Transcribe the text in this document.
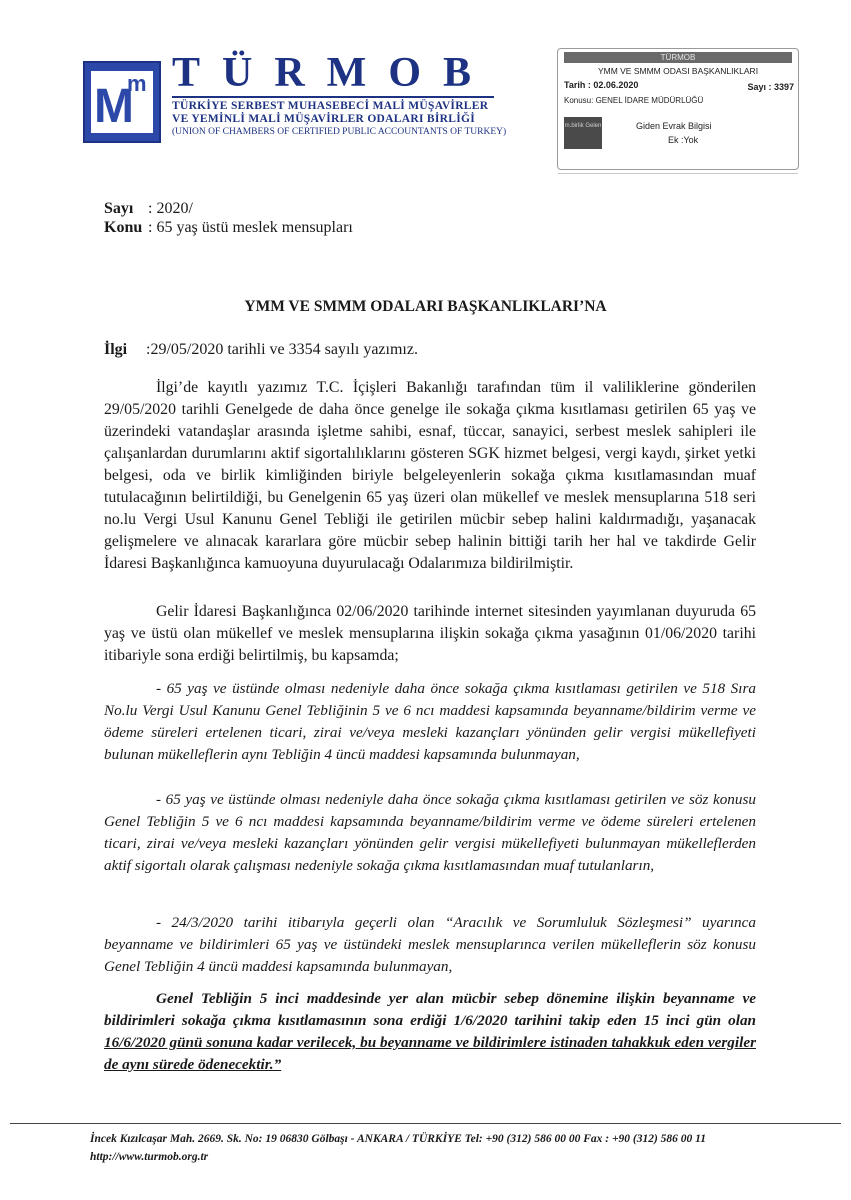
M
m TÜRMOB
TÜRKİYE SERBEST MUHASEBECİ MALİ MÜŞAVİRLER
VE YEMİNLİ MALİ MÜŞAVİRLER ODALARI BİRLİĞİ
(UNION OF CHAMBERS OF CERTIFIED PUBLIC ACCOUNTANTS OF TURKEY)
TÜRMOB
YMM VE SMMM ODASI BAŞKANLIKLARI
Tarih : 02.06.2020	Sayı : 3397
Konusu: GENEL İDARE MÜDÜRLÜĞÜ
m.birlik Gelen	Giden Evrak Bilgisi
Ek :Yok
Sayı : 2020/
Konu : 65 yaş üstü meslek mensupları
YMM VE SMMM ODALARI BAŞKANLIKLARI’NA
İlgi :29/05/2020 tarihli ve 3354 sayılı yazımız.
İlgi’de kayıtlı yazımız T.C. İçişleri Bakanlığı tarafından tüm il valiliklerine gönderilen 29/05/2020 tarihli Genelgede de daha önce genelge ile sokağa çıkma kısıtlaması getirilen 65 yaş ve üzerindeki vatandaşlar arasında işletme sahibi, esnaf, tüccar, sanayici, serbest meslek sahipleri ile çalışanlardan durumlarını aktif sigortalılıklarını gösteren SGK hizmet belgesi, vergi kaydı, şirket yetki belgesi, oda ve birlik kimliğinden biriyle belgeleyenlerin sokağa çıkma kısıtlamasından muaf tutulacağının belirtildiği, bu Genelgenin 65 yaş üzeri olan mükellef ve meslek mensuplarına 518 seri no.lu Vergi Usul Kanunu Genel Tebliği ile getirilen mücbir sebep halini kaldırmadığı, yaşanacak gelişmelere ve alınacak kararlara göre mücbir sebep halinin bittiği tarih her hal ve takdirde Gelir İdaresi Başkanlığınca kamuoyuna duyurulacağı Odalarımıza bildirilmiştir.
Gelir İdaresi Başkanlığınca 02/06/2020 tarihinde internet sitesinden yayımlanan duyuruda 65 yaş ve üstü olan mükellef ve meslek mensuplarına ilişkin sokağa çıkma yasağının 01/06/2020 tarihi itibariyle sona erdiği belirtilmiş, bu kapsamda;
- 65 yaş ve üstünde olması nedeniyle daha önce sokağa çıkma kısıtlaması getirilen ve 518 Sıra No.lu Vergi Usul Kanunu Genel Tebliğinin 5 ve 6 ncı maddesi kapsamında beyanname/bildirim verme ve ödeme süreleri ertelenen ticari, zirai ve/veya mesleki kazançları yönünden gelir vergisi mükellefiyeti bulunan mükelleflerin aynı Tebliğin 4 üncü maddesi kapsamında bulunmayan,
- 65 yaş ve üstünde olması nedeniyle daha önce sokağa çıkma kısıtlaması getirilen ve söz konusu Genel Tebliğin 5 ve 6 ncı maddesi kapsamında beyanname/bildirim verme ve ödeme süreleri ertelenen ticari, zirai ve/veya mesleki kazançları yönünden gelir vergisi mükellefiyeti bulunmayan mükelleflerden aktif sigortalı olarak çalışması nedeniyle sokağa çıkma kısıtlamasından muaf tutulanların,
- 24/3/2020 tarihi itibarıyla geçerli olan “Aracılık ve Sorumluluk Sözleşmesi” uyarınca beyanname ve bildirimleri 65 yaş ve üstündeki meslek mensuplarınca verilen mükelleflerin söz konusu Genel Tebliğin 4 üncü maddesi kapsamında bulunmayan,
Genel Tebliğin 5 inci maddesinde yer alan mücbir sebep dönemine ilişkin beyanname ve bildirimleri sokağa çıkma kısıtlamasının sona erdiği 1/6/2020 tarihini takip eden 15 inci gün olan 16/6/2020 günü sonuna kadar verilecek, bu beyanname ve bildirimlere istinaden tahakkuk eden vergiler de aynı sürede ödenecektir.”
İncek Kızılcaşar Mah. 2669. Sk. No: 19 06830 Gölbaşı - ANKARA / TÜRKİYE Tel: +90 (312) 586 00 00 Fax : +90 (312) 586 00 11
http://www.turmob.org.tr
